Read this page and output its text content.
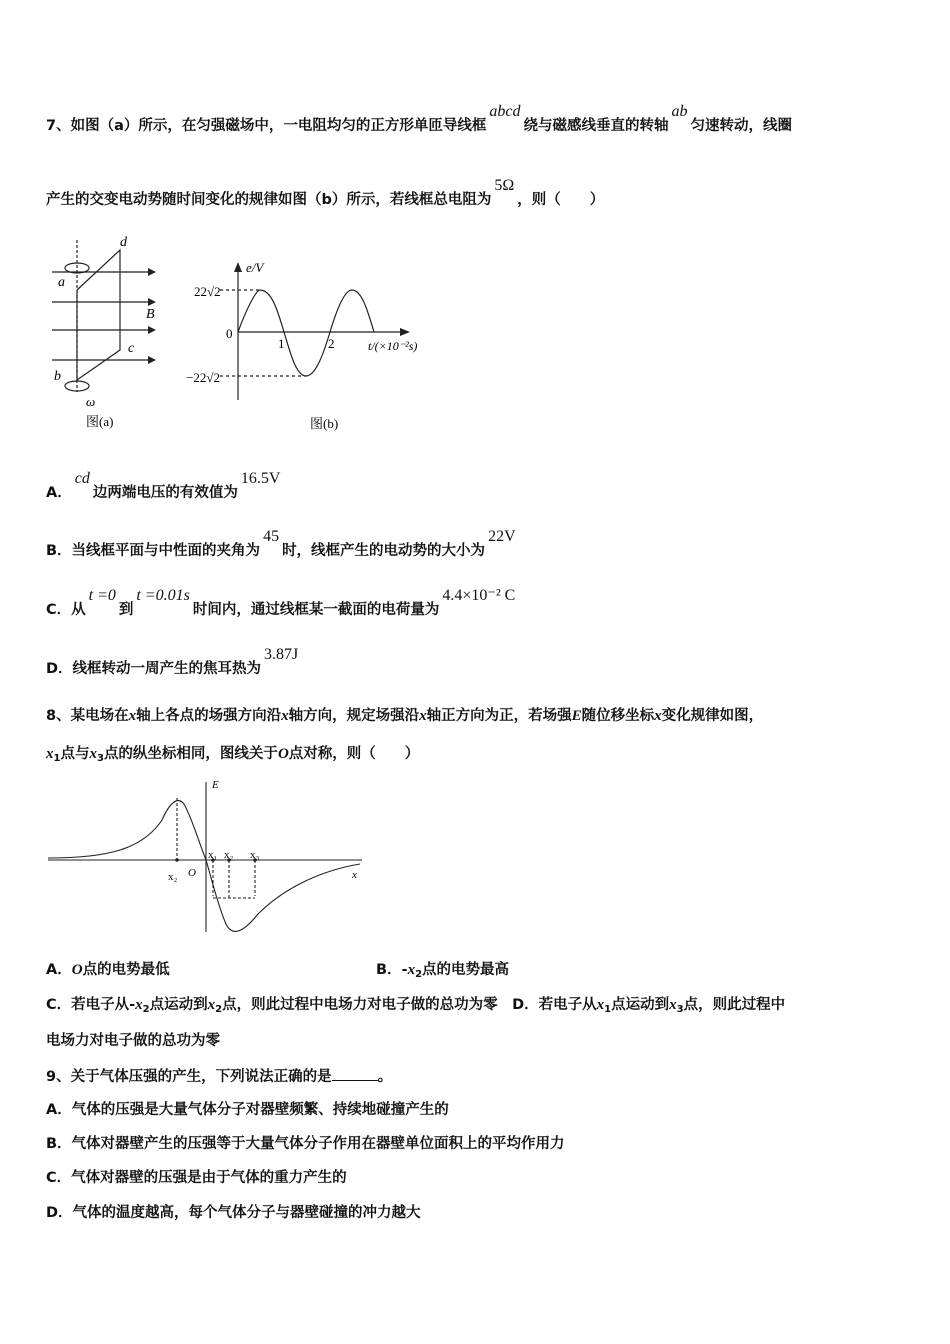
7、如图（a）所示，在匀强磁场中，一电阻均匀的正方形单匝导线框abcd绕与磁感线垂直的转轴ab匀速转动，线圈
产生的交变电动势随时间变化的规律如图（b）所示，若线框总电阻为5Ω，则（　　）
a
d
c
b
B
ω
图(a)
e/V
22√2
0
−22√2
1	2	t/(×10⁻²s)
图(b)
A．cd边两端电压的有效值为16.5V
B．当线框平面与中性面的夹角为45时，线框产生的电动势的大小为22V
C．从t =0到t =0.01s时间内，通过线框某一截面的电荷量为4.4×10⁻² C
D．线框转动一周产生的焦耳热为3.87J
8、某电场在x轴上各点的场强方向沿x轴方向，规定场强沿x轴正方向为正，若场强E随位移坐标x变化规律如图，
$x_1$点与$x_3$点的纵坐标相同，图线关于O点对称，则（　　）
E
x
O
x₂
x₁ x₂ x₃
A．O点的电势最低	B．$-x_2$点的电势最高
C．若电子从$-x_2$点运动到$x_2$点，则此过程中电场力对电子做的总功为零　 D．若电子从$x_1$点运动到$x_3$点，则此过程中
电场力对电子做的总功为零
9、关于气体压强的产生，下列说法正确的是	。
A．气体的压强是大量气体分子对器壁频繁、持续地碰撞产生的
B．气体对器壁产生的压强等于大量气体分子作用在器壁单位面积上的平均作用力
C．气体对器壁的压强是由于气体的重力产生的
D．气体的温度越高，每个气体分子与器壁碰撞的冲力越大
